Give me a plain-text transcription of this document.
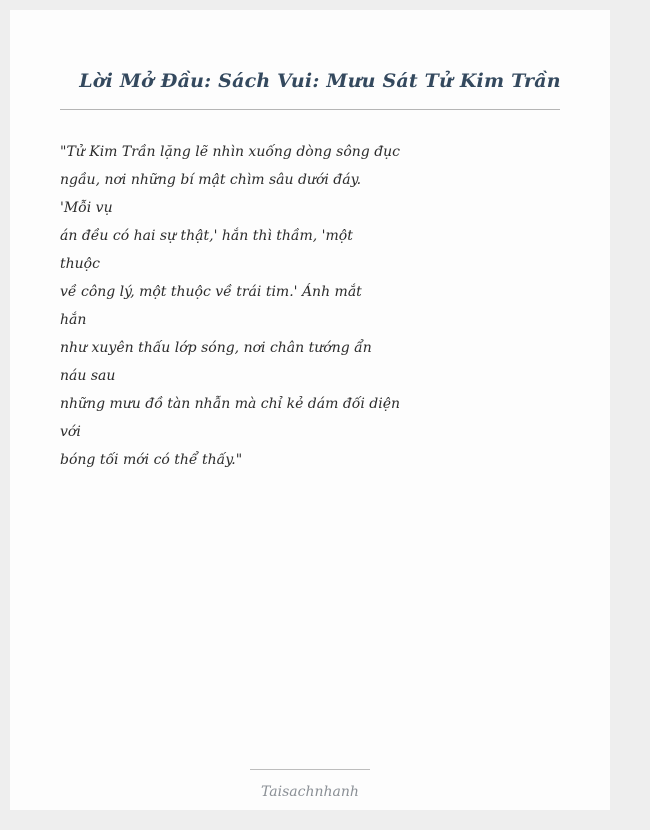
Lời Mở Đầu: Sách Vui: Mưu Sát Tử Kim Trần
"Tử Kim Trần lặng lẽ nhìn xuống dòng sông đục
ngầu, nơi những bí mật chìm sâu dưới đáy.
'Mỗi vụ
án đều có hai sự thật,' hắn thì thầm, 'một
thuộc
về công lý, một thuộc về trái tim.' Ánh mắt
hắn
như xuyên thấu lớp sóng, nơi chân tướng ẩn
náu sau
những mưu đồ tàn nhẫn mà chỉ kẻ dám đối diện
với
bóng tối mới có thể thấy."
Taisachnhanh
